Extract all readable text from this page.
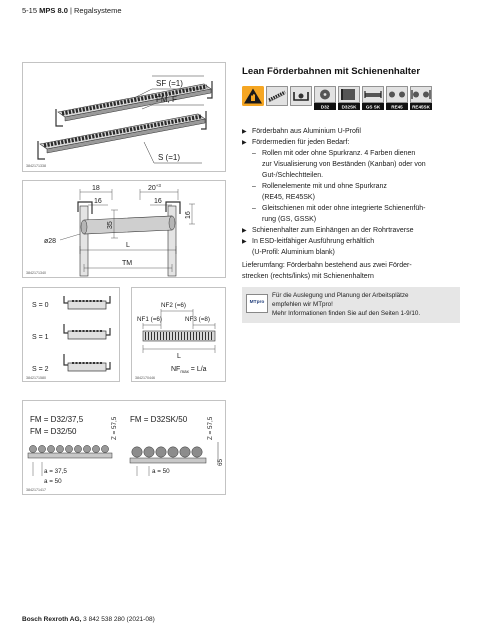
5-15 MPS 8.0 | Regalsysteme
SF (=1)
FM, F
S (=1)
3842171338
18
16
$20^{+3}$
16
35
16
ø28
L
TM
3842171340
S = 0
S = 1
S = 2
3842171580
NF2 (=6)
NF1 (=6)	NF3 (=8)
L
$NF_{max} = L/a$
3842170446
FM = D32/37,5
FM = D32/50	Z = 57,5 FM = D32SK/50	Z = 57,5
65
a = 37,5
a = 50
a = 50
3842171417
Lean Förderbahnen mit Schienenhalter
D32	D32SK GS SK RE45 RE45SK
▶ Förderbahn aus Aluminium U-Profil
▶ Fördermedien für jeden Bedarf:
– Rollen mit oder ohne Spurkranz. 4 Farben dienen
zur Visualisierung von Beständen (Kanban) oder von
Gut-/Schlechtteilen.
– Rollenelemente mit und ohne Spurkranz
(RE45, RE45SK)
– Gleitschienen mit oder ohne integrierte Schienenfüh-
rung (GS, GSSK)
▶ Schienenhalter zum Einhängen an der Rohrtraverse
▶ In ESD-leitfähiger Ausführung erhältlich
(U-Profil: Aluminium blank)
Lieferumfang: Förderbahn bestehend aus zwei Förder-
strecken (rechts/links) mit Schienenhaltern
MTpro
Für die Auslegung und Planung der Arbeitsplätze
empfehlen wir MTpro!
Mehr Informationen finden Sie auf den Seiten 1-9/10.
Bosch Rexroth AG, 3 842 538 280 (2021-08)
